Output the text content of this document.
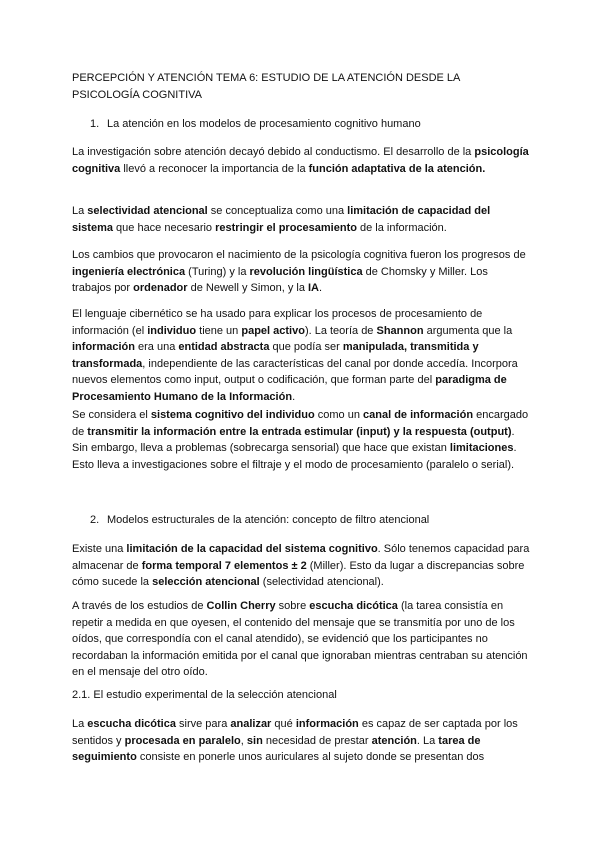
PERCEPCIÓN Y ATENCIÓN TEMA 6: ESTUDIO DE LA ATENCIÓN DESDE LA PSICOLOGÍA COGNITIVA
1. La atención en los modelos de procesamiento cognitivo humano
La investigación sobre atención decayó debido al conductismo. El desarrollo de la psicología cognitiva llevó a reconocer la importancia de la función adaptativa de la atención.
La selectividad atencional se conceptualiza como una limitación de capacidad del sistema que hace necesario restringir el procesamiento de la información.
Los cambios que provocaron el nacimiento de la psicología cognitiva fueron los progresos de ingeniería electrónica (Turing) y la revolución lingüística de Chomsky y Miller. Los trabajos por ordenador de Newell y Simon, y la IA.
El lenguaje cibernético se ha usado para explicar los procesos de procesamiento de información (el individuo tiene un papel activo). La teoría de Shannon argumenta que la información era una entidad abstracta que podía ser manipulada, transmitida y transformada, independiente de las características del canal por donde accedía. Incorpora nuevos elementos como input, output o codificación, que forman parte del paradigma de Procesamiento Humano de la Información.
Se considera el sistema cognitivo del individuo como un canal de información encargado de transmitir la información entre la entrada estimular (input) y la respuesta (output). Sin embargo, lleva a problemas (sobrecarga sensorial) que hace que existan limitaciones. Esto lleva a investigaciones sobre el filtraje y el modo de procesamiento (paralelo o serial).
2. Modelos estructurales de la atención: concepto de filtro atencional
Existe una limitación de la capacidad del sistema cognitivo. Sólo tenemos capacidad para almacenar de forma temporal 7 elementos ± 2 (Miller). Esto da lugar a discrepancias sobre cómo sucede la selección atencional (selectividad atencional).
A través de los estudios de Collin Cherry sobre escucha dicótica (la tarea consistía en repetir a medida en que oyesen, el contenido del mensaje que se transmitía por uno de los oídos, que correspondía con el canal atendido), se evidenció que los participantes no recordaban la información emitida por el canal que ignoraban mientras centraban su atención en el mensaje del otro oído.
2.1. El estudio experimental de la selección atencional
La escucha dicótica sirve para analizar qué información es capaz de ser captada por los sentidos y procesada en paralelo, sin necesidad de prestar atención. La tarea de seguimiento consiste en ponerle unos auriculares al sujeto donde se presentan dos
